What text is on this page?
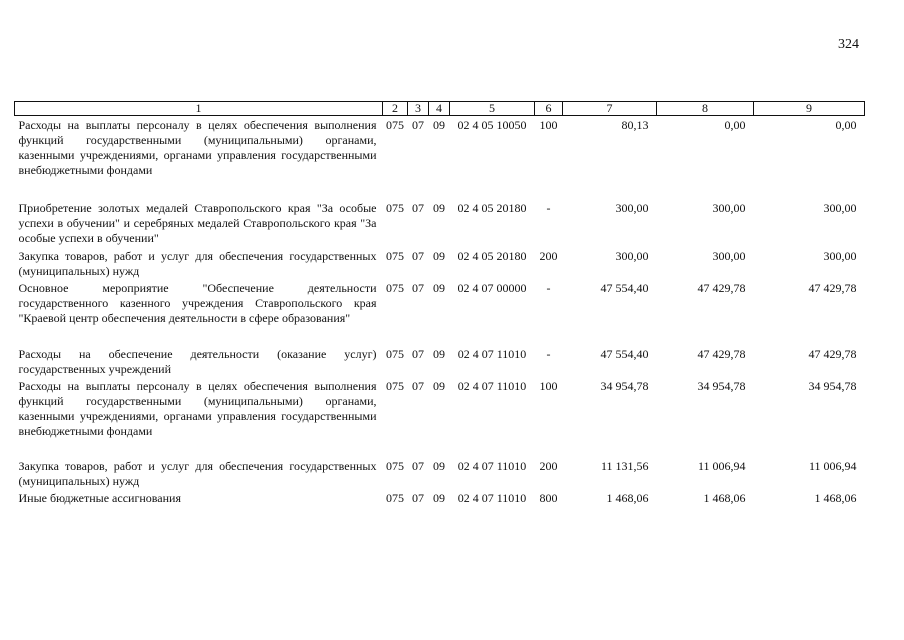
324
1	2	3	4	5	6	7	8	9
Расходы на выплаты персоналу в целях обеспечения выполнения функций государственными (муниципальными) органами, казенными учреждениями, органами управления государственными внебюджетными фондами	075	07	09	02 4 05 10050	100	80,13	0,00	0,00
Приобретение золотых медалей Ставропольского края "За особые успехи в обучении" и серебряных медалей Ставропольского края "За особые успехи в обучении"	075	07	09	02 4 05 20180	-	300,00	300,00	300,00
Закупка товаров, работ и услуг для обеспечения государственных (муниципальных) нужд	075	07	09	02 4 05 20180	200	300,00	300,00	300,00
Основное мероприятие "Обеспечение деятельности государственного казенного учреждения Ставропольского края "Краевой центр обеспечения деятельности в сфере образования"	075	07	09	02 4 07 00000	-	47 554,40	47 429,78	47 429,78
Расходы на обеспечение деятельности (оказание услуг) государственных учреждений	075	07	09	02 4 07 11010	-	47 554,40	47 429,78	47 429,78
Расходы на выплаты персоналу в целях обеспечения выполнения функций государственными (муниципальными) органами, казенными учреждениями, органами управления государственными внебюджетными фондами	075	07	09	02 4 07 11010	100	34 954,78	34 954,78	34 954,78
Закупка товаров, работ и услуг для обеспечения государственных (муниципальных) нужд	075	07	09	02 4 07 11010	200	11 131,56	11 006,94	11 006,94
Иные бюджетные ассигнования	075	07	09	02 4 07 11010	800	1 468,06	1 468,06	1 468,06
